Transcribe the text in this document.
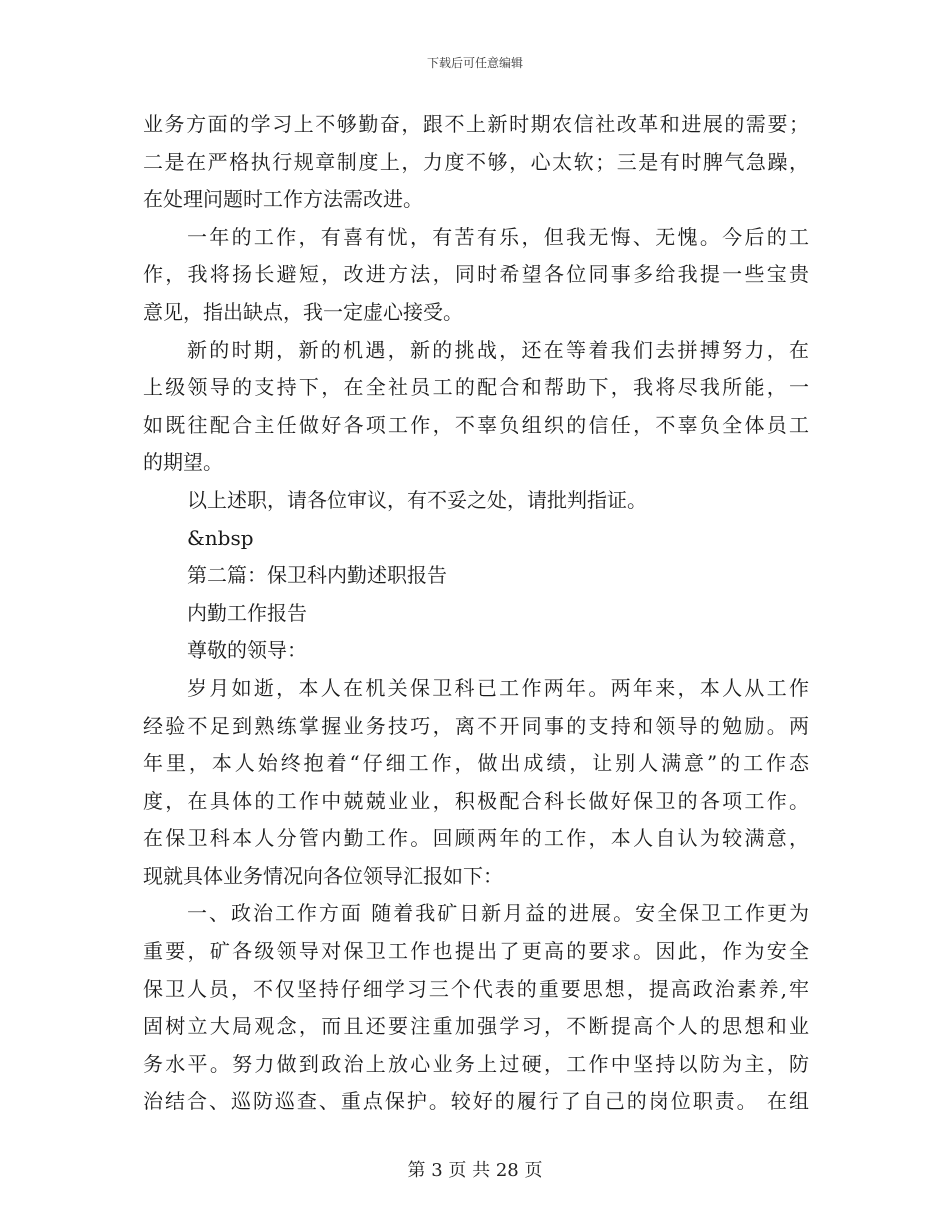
下载后可任意编辑
业务方面的学习上不够勤奋，跟不上新时期农信社改革和进展的需要；
二是在严格执行规章制度上，力度不够，心太软；三是有时脾气急躁，
在处理问题时工作方法需改进。
一年的工作，有喜有忧，有苦有乐，但我无悔、无愧。今后的工
作，我将扬长避短，改进方法，同时希望各位同事多给我提一些宝贵
意见，指出缺点，我一定虚心接受。
新的时期，新的机遇，新的挑战，还在等着我们去拼搏努力，在
上级领导的支持下，在全社员工的配合和帮助下，我将尽我所能，一
如既往配合主任做好各项工作，不辜负组织的信任，不辜负全体员工
的期望。
以上述职，请各位审议，有不妥之处，请批判指证。
&nbsp
第二篇：保卫科内勤述职报告
内勤工作报告
尊敬的领导：
岁月如逝，本人在机关保卫科已工作两年。两年来，本人从工作
经验不足到熟练掌握业务技巧，离不开同事的支持和领导的勉励。两
年里，本人始终抱着“仔细工作，做出成绩，让别人满意”的工作态
度，在具体的工作中兢兢业业，积极配合科长做好保卫的各项工作。
在保卫科本人分管内勤工作。回顾两年的工作，本人自认为较满意，
现就具体业务情况向各位领导汇报如下：
一、政治工作方面 随着我矿日新月益的进展。安全保卫工作更为
重要，矿各级领导对保卫工作也提出了更高的要求。因此，作为安全
保卫人员，不仅坚持仔细学习三个代表的重要思想，提高政治素养,牢
固树立大局观念，而且还要注重加强学习，不断提高个人的思想和业
务水平。努力做到政治上放心业务上过硬，工作中坚持以防为主，防
治结合、巡防巡查、重点保护。较好的履行了自己的岗位职责。 在组
第 3 页 共 28 页
